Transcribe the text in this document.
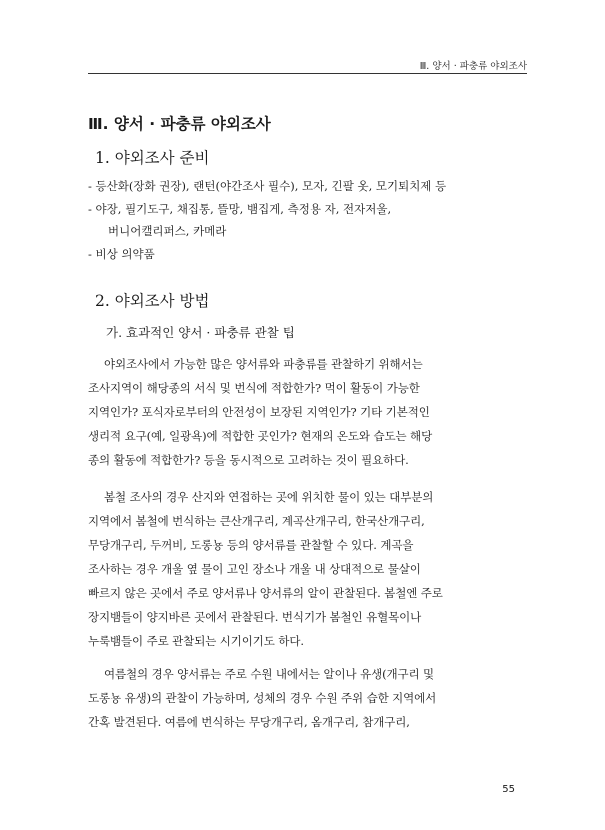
Ⅲ. 양서 · 파충류 야외조사
Ⅲ. 양서 · 파충류 야외조사
1. 야외조사 준비
- 등산화(장화 권장), 랜턴(야간조사 필수), 모자, 긴팔 옷, 모기퇴치제 등
- 야장, 필기도구, 채집통, 뜰망, 뱀집게, 측정용 자, 전자저울,
버니어캘리퍼스, 카메라
- 비상 의약품
2. 야외조사 방법
가. 효과적인 양서 · 파충류 관찰 팁
야외조사에서 가능한 많은 양서류와 파충류를 관찰하기 위해서는
조사지역이 해당종의 서식 및 번식에 적합한가? 먹이 활동이 가능한
지역인가? 포식자로부터의 안전성이 보장된 지역인가? 기타 기본적인
생리적 요구(예, 일광욕)에 적합한 곳인가? 현재의 온도와 습도는 해당
종의 활동에 적합한가? 등을 동시적으로 고려하는 것이 필요하다.
봄철 조사의 경우 산지와 연접하는 곳에 위치한 물이 있는 대부분의
지역에서 봄철에 번식하는 큰산개구리, 계곡산개구리, 한국산개구리,
무당개구리, 두꺼비, 도롱뇽 등의 양서류를 관찰할 수 있다. 계곡을
조사하는 경우 개울 옆 물이 고인 장소나 개울 내 상대적으로 물살이
빠르지 않은 곳에서 주로 양서류나 양서류의 알이 관찰된다. 봄철엔 주로
장지뱀들이 양지바른 곳에서 관찰된다. 번식기가 봄철인 유혈목이나
누룩뱀들이 주로 관찰되는 시기이기도 하다.
여름철의 경우 양서류는 주로 수원 내에서는 알이나 유생(개구리 및
도롱뇽 유생)의 관찰이 가능하며, 성체의 경우 수원 주위 습한 지역에서
간혹 발견된다. 여름에 번식하는 무당개구리, 옴개구리, 참개구리,
55
